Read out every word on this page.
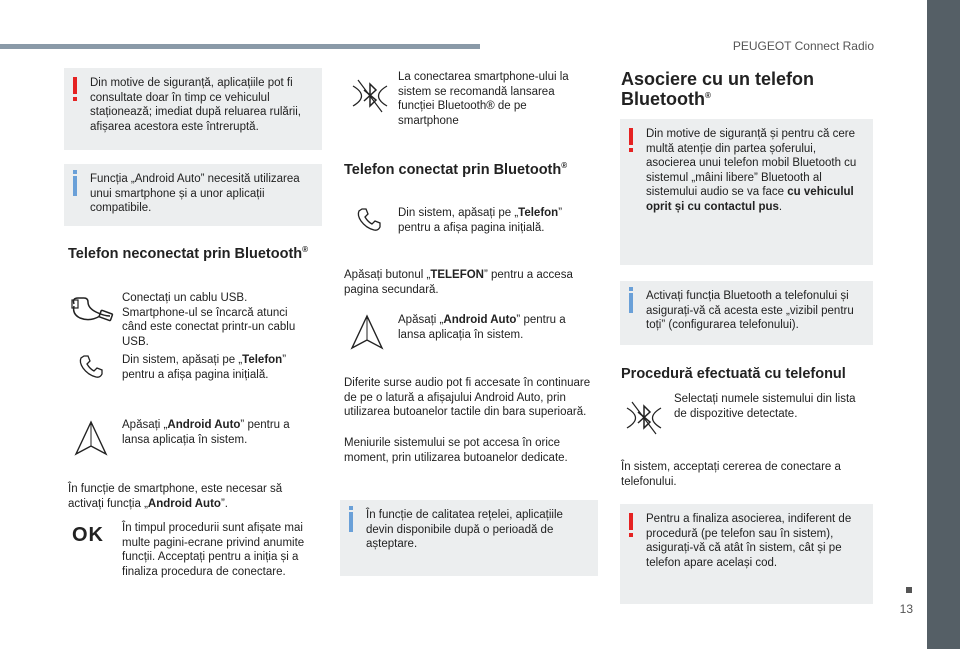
PEUGEOT Connect Radio
13
Din motive de siguranță, aplicațiile pot fi consultate doar în timp ce vehiculul staționează; imediat după reluarea rulării, afișarea acestora este întreruptă.
Funcția „Android Auto” necesită utilizarea unui smartphone și a unor aplicații compatibile.
Telefon neconectat prin Bluetooth®
Conectați un cablu USB. Smartphone-ul se încarcă atunci când este conectat printr-un cablu USB.
Din sistem, apăsați pe „Telefon” pentru a afișa pagina inițială.
Apăsați „Android Auto” pentru a lansa aplicația în sistem.
În funcție de smartphone, este necesar să activați funcția „Android Auto”.
OK În timpul procedurii sunt afișate mai multe pagini-ecrane privind anumite funcții. Acceptați pentru a iniția și a finaliza procedura de conectare.
La conectarea smartphone-ului la sistem se recomandă lansarea funcției Bluetooth® de pe smartphone
Telefon conectat prin Bluetooth®
Din sistem, apăsați pe „Telefon” pentru a afișa pagina inițială.
Apăsați butonul „TELEFON” pentru a accesa pagina secundară.
Apăsați „Android Auto” pentru a lansa aplicația în sistem.
Diferite surse audio pot fi accesate în continuare de pe o latură a afișajului Android Auto, prin utilizarea butoanelor tactile din bara superioară.
Meniurile sistemului se pot accesa în orice moment, prin utilizarea butoanelor dedicate.
În funcție de calitatea rețelei, aplicațiile devin disponibile după o perioadă de așteptare.
Asociere cu un telefon Bluetooth®
Din motive de siguranță și pentru că cere multă atenție din partea șoferului, asocierea unui telefon mobil Bluetooth cu sistemul „mâini libere” Bluetooth al sistemului audio se va face cu vehiculul oprit și cu contactul pus.
Activați funcția Bluetooth a telefonului și asigurați-vă că acesta este „vizibil pentru toți” (configurarea telefonului).
Procedură efectuată cu telefonul
Selectați numele sistemului din lista de dispozitive detectate.
În sistem, acceptați cererea de conectare a telefonului.
Pentru a finaliza asocierea, indiferent de procedură (pe telefon sau în sistem), asigurați-vă că atât în sistem, cât și pe telefon apare același cod.
